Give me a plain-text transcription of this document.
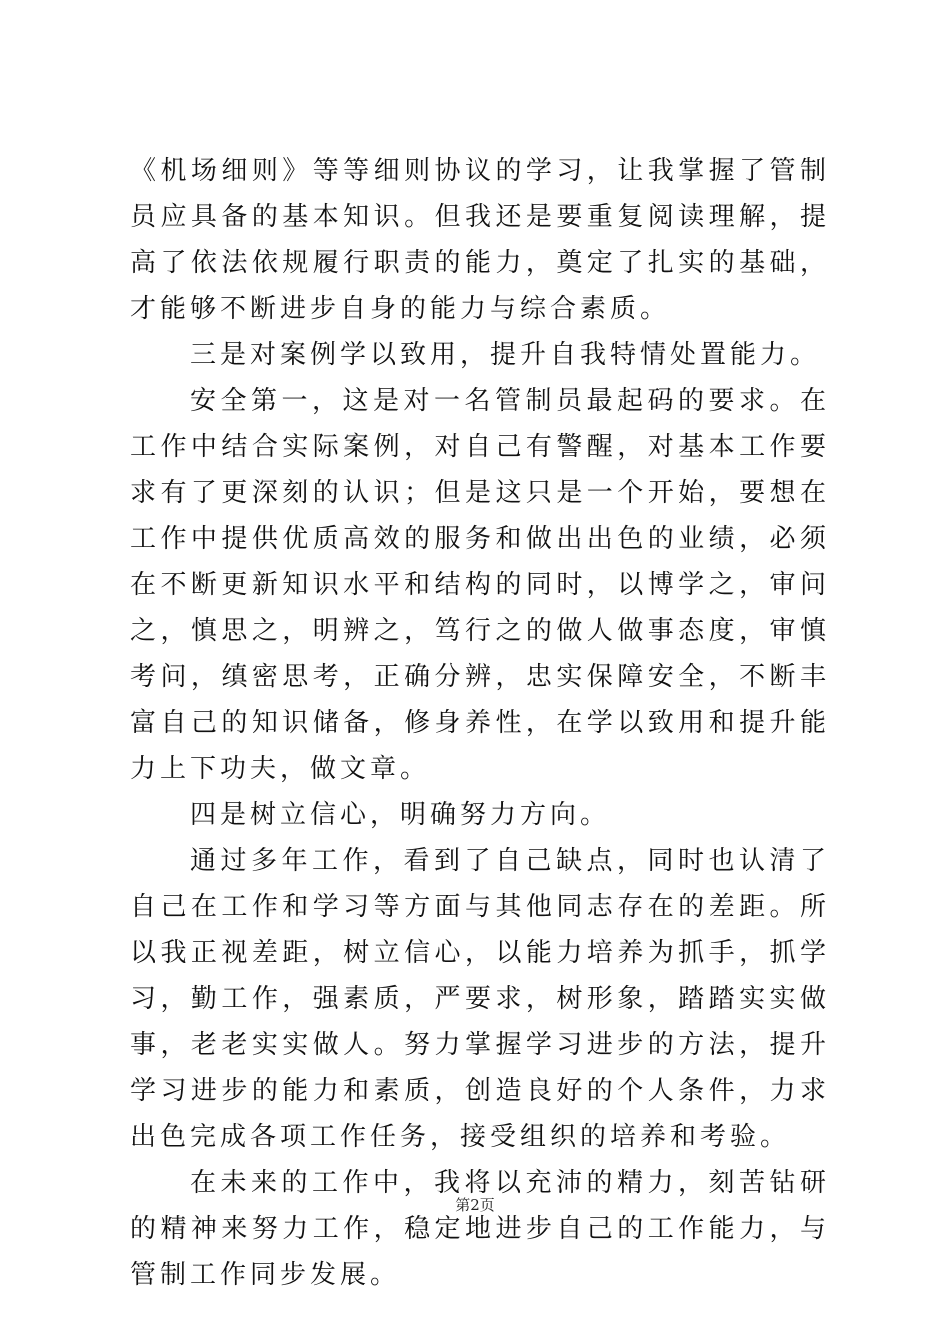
《机场细则》等等细则协议的学习，让我掌握了管制员应具备的基本知识。但我还是要重复阅读理解，提高了依法依规履行职责的能力，奠定了扎实的基础，才能够不断进步自身的能力与综合素质。

三是对案例学以致用，提升自我特情处置能力。

安全第一，这是对一名管制员最起码的要求。在工作中结合实际案例，对自己有警醒，对基本工作要求有了更深刻的认识；但是这只是一个开始，要想在工作中提供优质高效的服务和做出出色的业绩，必须在不断更新知识水平和结构的同时，以博学之，审问之，慎思之，明辨之，笃行之的做人做事态度，审慎考问，缜密思考，正确分辨，忠实保障安全，不断丰富自己的知识储备，修身养性，在学以致用和提升能力上下功夫，做文章。

四是树立信心，明确努力方向。

通过多年工作，看到了自己缺点，同时也认清了自己在工作和学习等方面与其他同志存在的差距。所以我正视差距，树立信心，以能力培养为抓手，抓学习，勤工作，强素质，严要求，树形象，踏踏实实做事，老老实实做人。努力掌握学习进步的方法，提升学习进步的能力和素质，创造良好的个人条件，力求出色完成各项工作任务，接受组织的培养和考验。

在未来的工作中，我将以充沛的精力，刻苦钻研的精神来努力工作，稳定地进步自己的工作能力，与管制工作同步发展。

第2页
